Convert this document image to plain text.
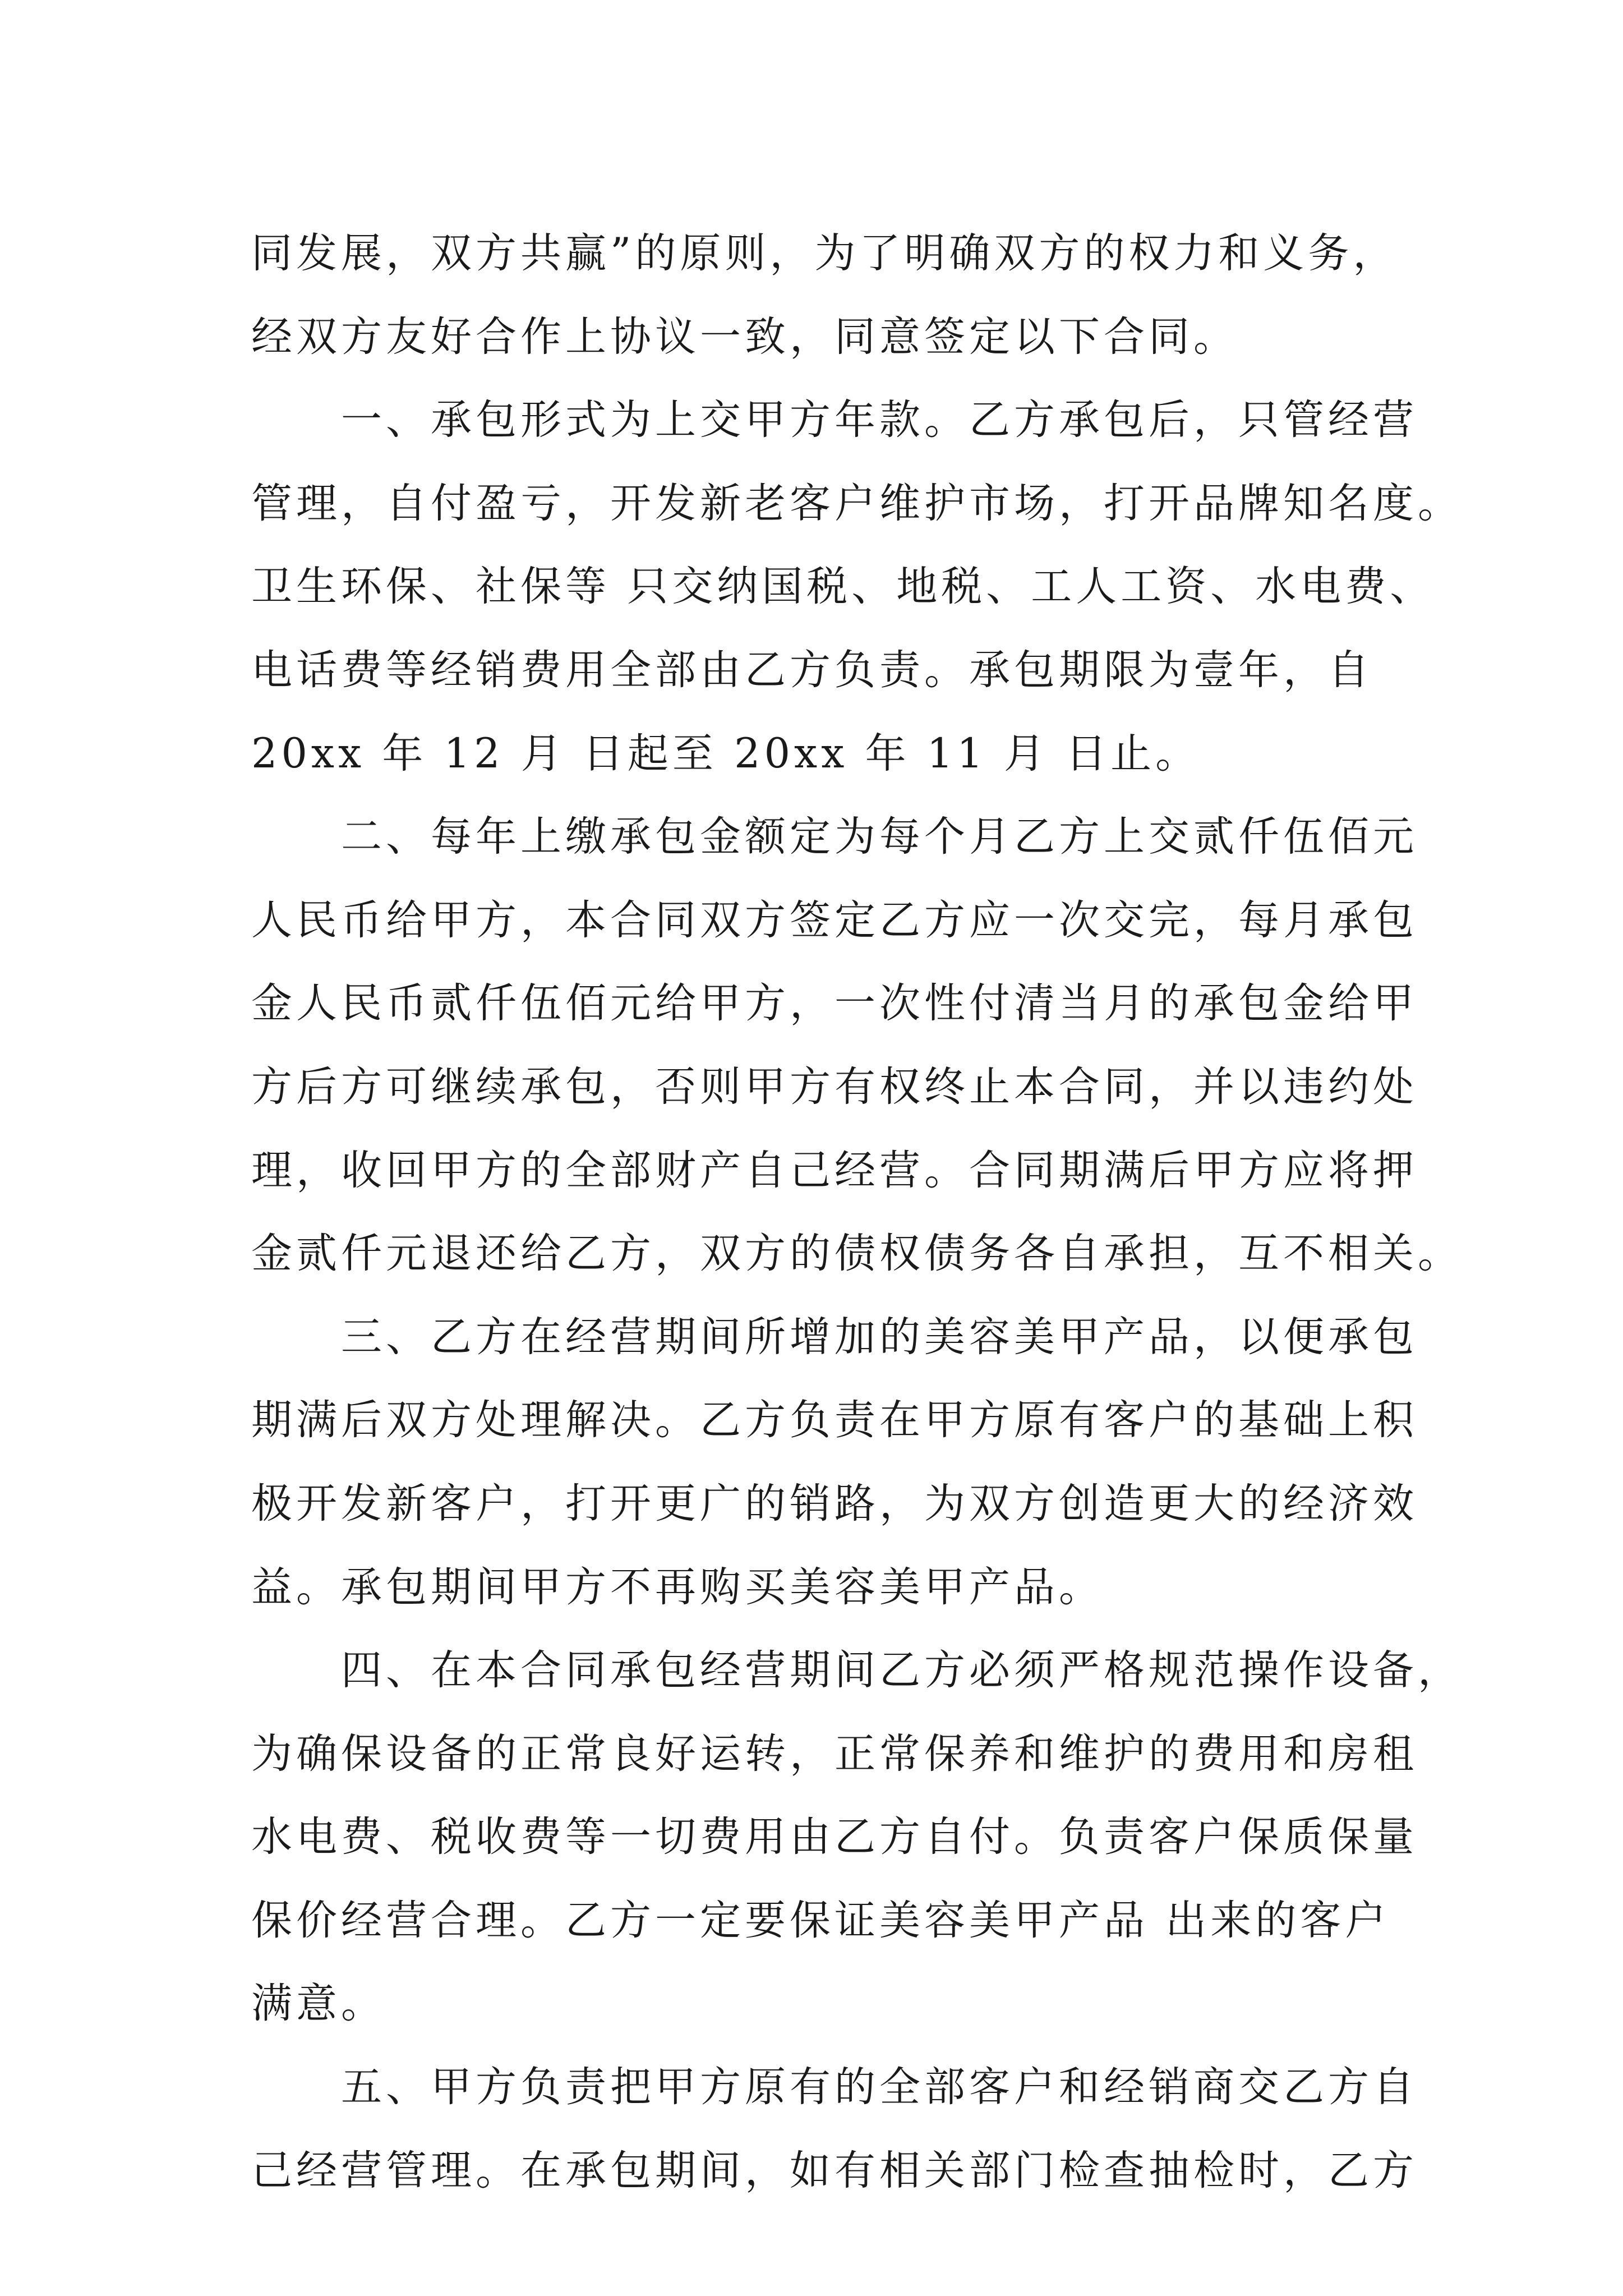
同发展，双方共赢”的原则，为了明确双方的权力和义务，
经双方友好合作上协议一致，同意签定以下合同。
一、承包形式为上交甲方年款。乙方承包后，只管经营
管理，自付盈亏，开发新老客户维护市场，打开品牌知名度。
卫生环保、社保等 只交纳国税、地税、工人工资、水电费、
电话费等经销费用全部由乙方负责。承包期限为壹年，自
20xx 年 12 月 日起至 20xx 年 11 月 日止。
二、每年上缴承包金额定为每个月乙方上交贰仟伍佰元
人民币给甲方，本合同双方签定乙方应一次交完，每月承包
金人民币贰仟伍佰元给甲方，一次性付清当月的承包金给甲
方后方可继续承包，否则甲方有权终止本合同，并以违约处
理，收回甲方的全部财产自己经营。合同期满后甲方应将押
金贰仟元退还给乙方，双方的债权债务各自承担，互不相关。
三、乙方在经营期间所增加的美容美甲产品，以便承包
期满后双方处理解决。乙方负责在甲方原有客户的基础上积
极开发新客户，打开更广的销路，为双方创造更大的经济效
益。承包期间甲方不再购买美容美甲产品。
四、在本合同承包经营期间乙方必须严格规范操作设备，
为确保设备的正常良好运转，正常保养和维护的费用和房租
水电费、税收费等一切费用由乙方自付。负责客户保质保量
保价经营合理。乙方一定要保证美容美甲产品 出来的客户
满意。
五、甲方负责把甲方原有的全部客户和经销商交乙方自
己经营管理。在承包期间，如有相关部门检查抽检时，乙方
